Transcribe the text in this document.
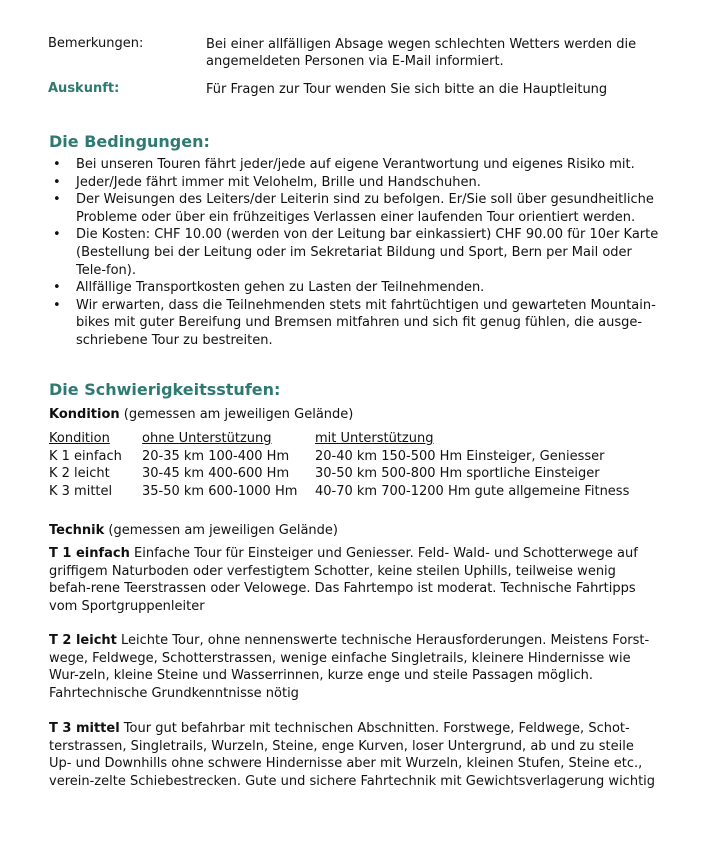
Bemerkungen:	Bei einer allfälligen Absage wegen schlechten Wetters werden die angemeldeten Personen via E-Mail informiert.
Auskunft:	Für Fragen zur Tour wenden Sie sich bitte an die Hauptleitung
Die Bedingungen:
• Bei unseren Touren fährt jeder/jede auf eigene Verantwortung und eigenes Risiko mit.
• Jeder/Jede fährt immer mit Velohelm, Brille und Handschuhen.
• Der Weisungen des Leiters/der Leiterin sind zu befolgen. Er/Sie soll über gesundheitliche Probleme oder über ein frühzeitiges Verlassen einer laufenden Tour orientiert werden.
• Die Kosten: CHF 10.00 (werden von der Leitung bar einkassiert) CHF 90.00 für 10er Karte (Bestellung bei der Leitung oder im Sekretariat Bildung und Sport, Bern per Mail oder Tele-fon).
• Allfällige Transportkosten gehen zu Lasten der Teilnehmenden.
• Wir erwarten, dass die Teilnehmenden stets mit fahrtüchtigen und gewarteten Mountain-bikes mit guter Bereifung und Bremsen mitfahren und sich fit genug fühlen, die ausge-schriebene Tour zu bestreiten.
Die Schwierigkeitsstufen:
Kondition (gemessen am jeweiligen Gelände)
Kondition	ohne Unterstützung	mit Unterstützung
K 1 einfach	20-35 km 100-400 Hm	20-40 km 150-500 Hm Einsteiger, Geniesser
K 2 leicht	30-45 km 400-600 Hm	30-50 km 500-800 Hm sportliche Einsteiger
K 3 mittel	35-50 km 600-1000 Hm	40-70 km 700-1200 Hm gute allgemeine Fitness
Technik (gemessen am jeweiligen Gelände)
T 1 einfach Einfache Tour für Einsteiger und Geniesser. Feld- Wald- und Schotterwege auf griffigem Naturboden oder verfestigtem Schotter, keine steilen Uphills, teilweise wenig befah-rene Teerstrassen oder Velowege. Das Fahrtempo ist moderat. Technische Fahrtipps vom Sportgruppenleiter
T 2 leicht Leichte Tour, ohne nennenswerte technische Herausforderungen. Meistens Forst-wege, Feldwege, Schotterstrassen, wenige einfache Singletrails, kleinere Hindernisse wie Wur-zeln, kleine Steine und Wasserrinnen, kurze enge und steile Passagen möglich. Fahrtechnische Grundkenntnisse nötig
T 3 mittel Tour gut befahrbar mit technischen Abschnitten. Forstwege, Feldwege, Schot-terstrassen, Singletrails, Wurzeln, Steine, enge Kurven, loser Untergrund, ab und zu steile Up- und Downhills ohne schwere Hindernisse aber mit Wurzeln, kleinen Stufen, Steine etc., verein-zelte Schiebestrecken. Gute und sichere Fahrtechnik mit Gewichtsverlagerung wichtig
